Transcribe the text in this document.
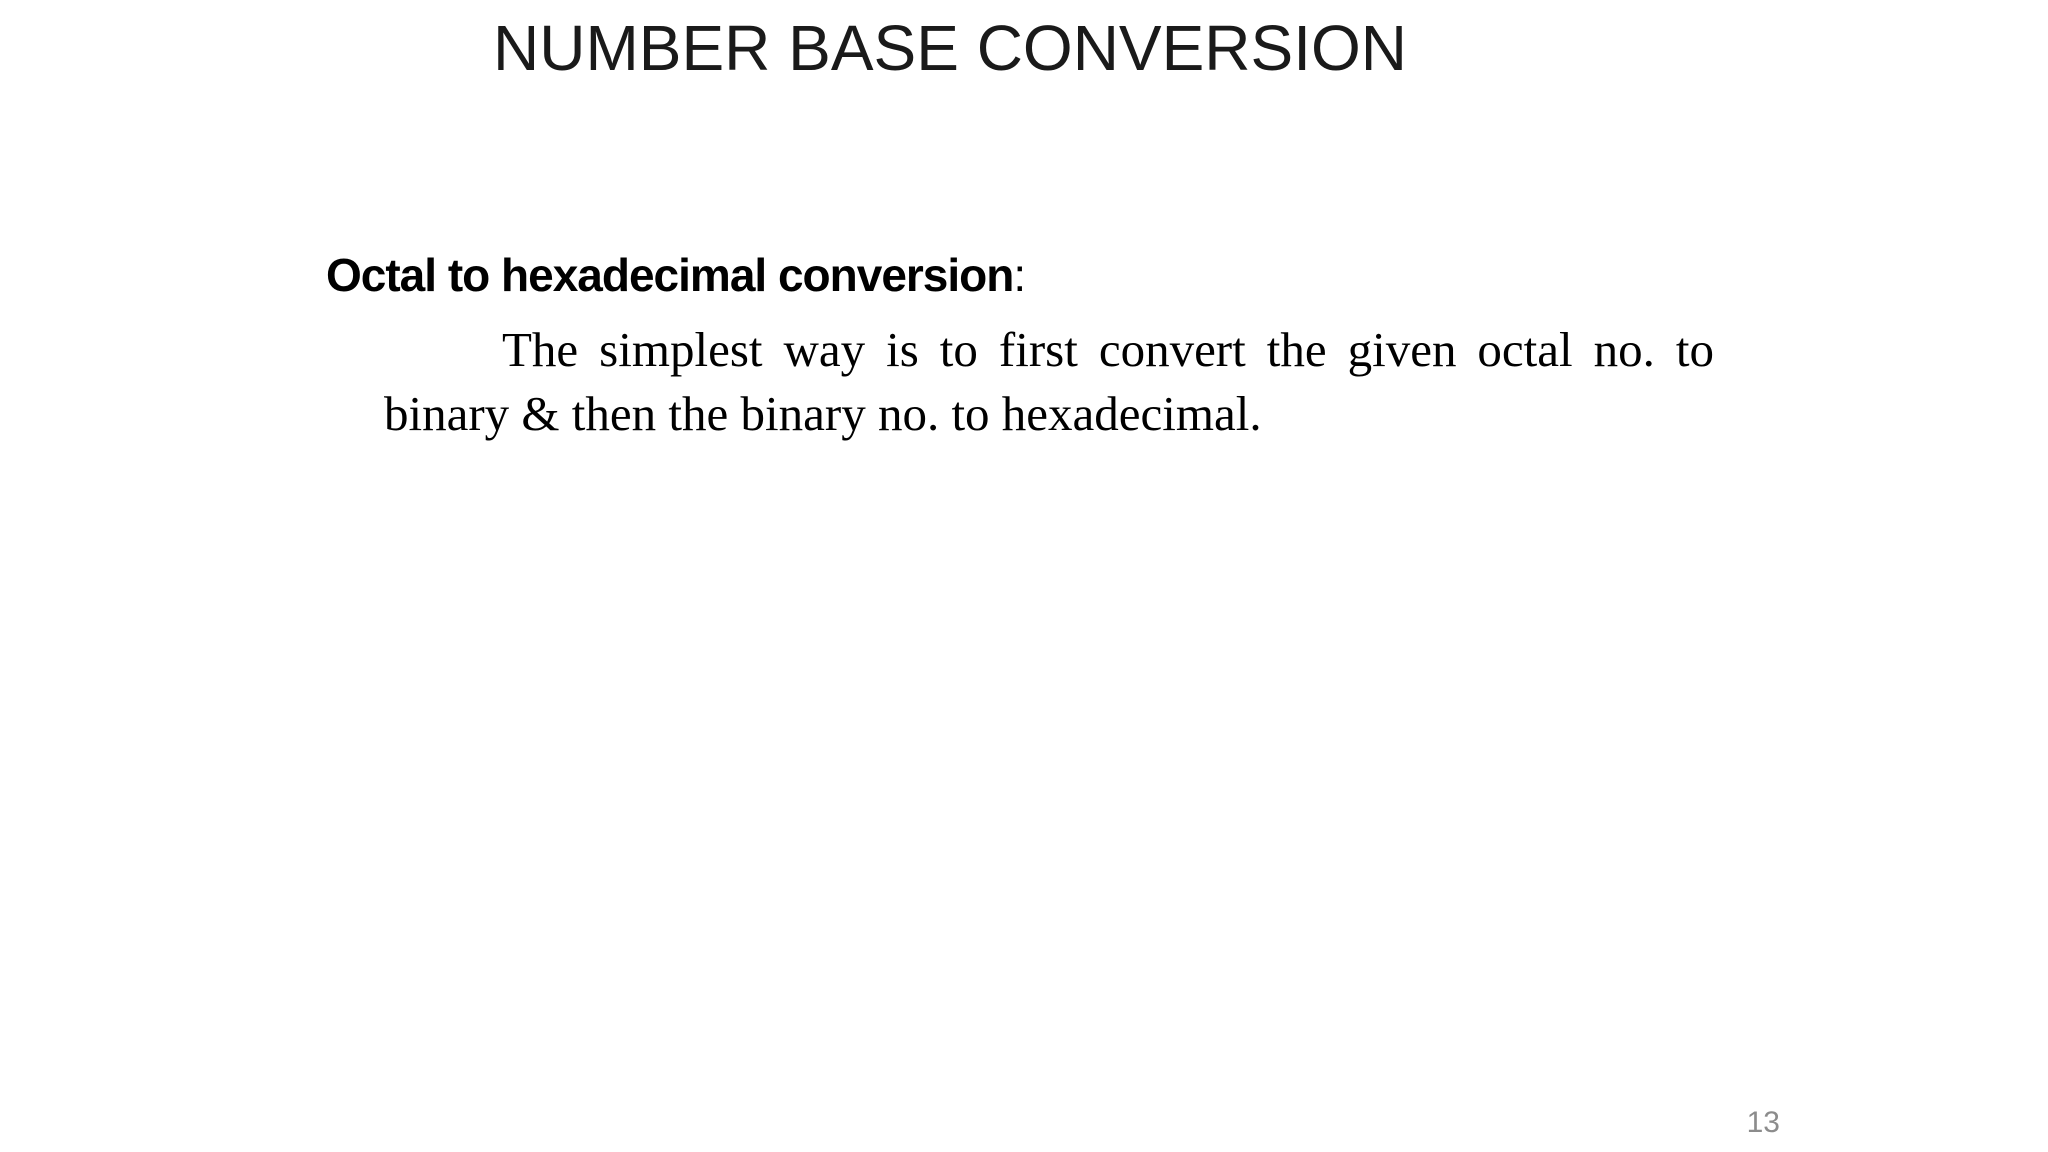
NUMBER BASE CONVERSION
Octal to hexadecimal conversion:
The simplest way is to first convert the given octal no. to
binary & then the binary no. to hexadecimal.
13
